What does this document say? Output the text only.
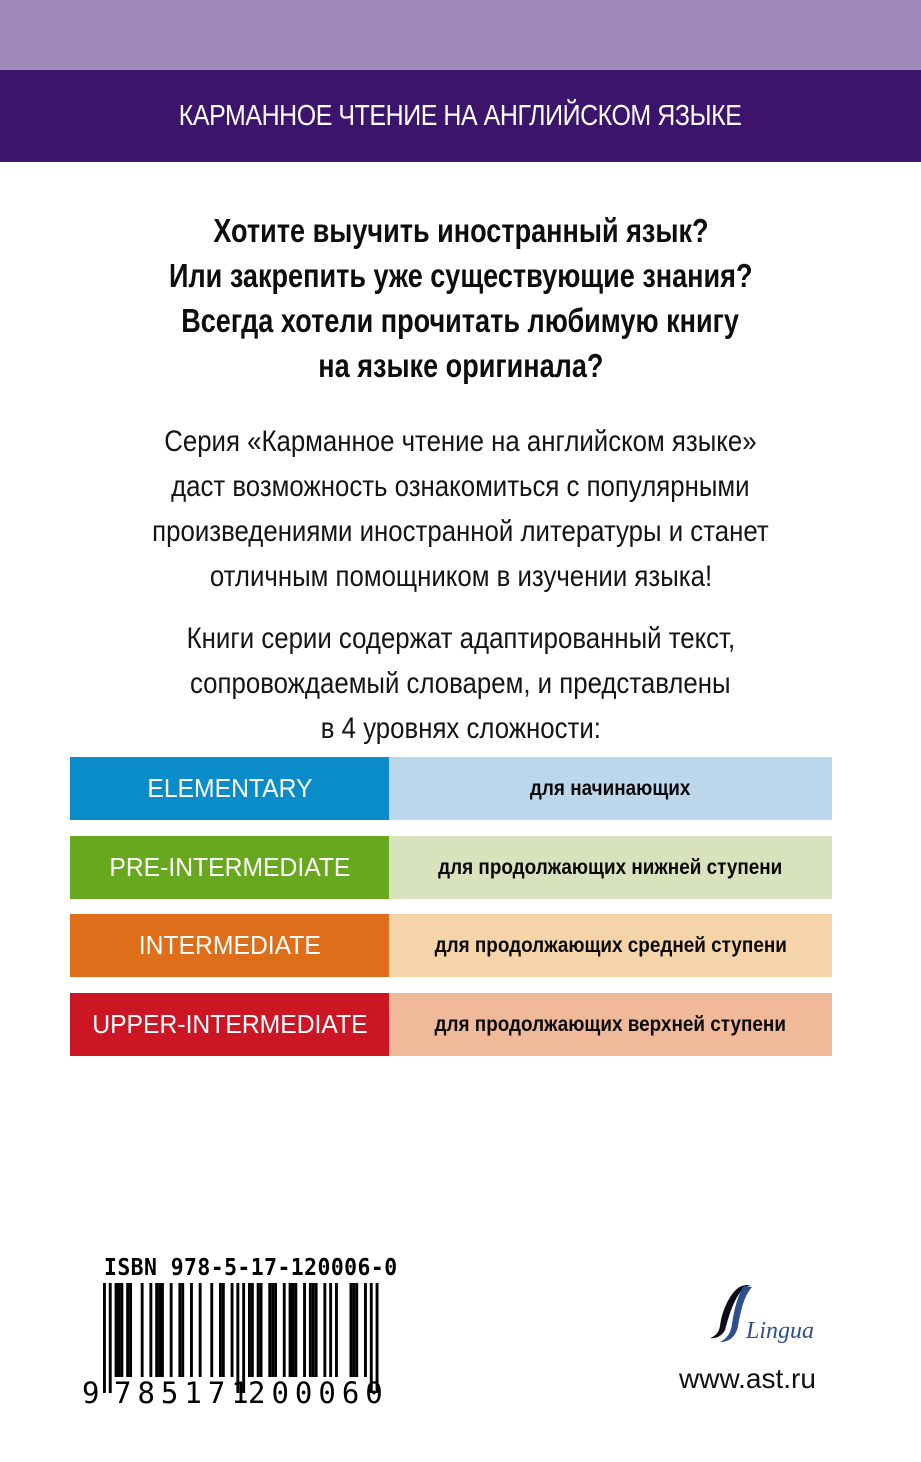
КАРМАННОЕ ЧТЕНИЕ НА АНГЛИЙСКОМ ЯЗЫКЕ
Хотите выучить иностранный язык?
Или закрепить уже существующие знания?
Всегда хотели прочитать любимую книгу
на языке оригинала?
Серия «Карманное чтение на английском языке»
даст возможность ознакомиться с популярными
произведениями иностранной литературы и станет
отличным помощником в изучении языка!
Книги серии содержат адаптированный текст,
сопровождаемый словарем, и представлены
в 4 уровнях сложности:
ELEMENTARY	для начинающих
PRE-INTERMEDIATE	для продолжающих нижней ступени
INTERMEDIATE	для продолжающих средней ступени
UPPER-INTERMEDIATE	для продолжающих верхней ступени
ISBN 978-5-17-120006-0
9 785171
200060
Lingua
www.ast.ru
